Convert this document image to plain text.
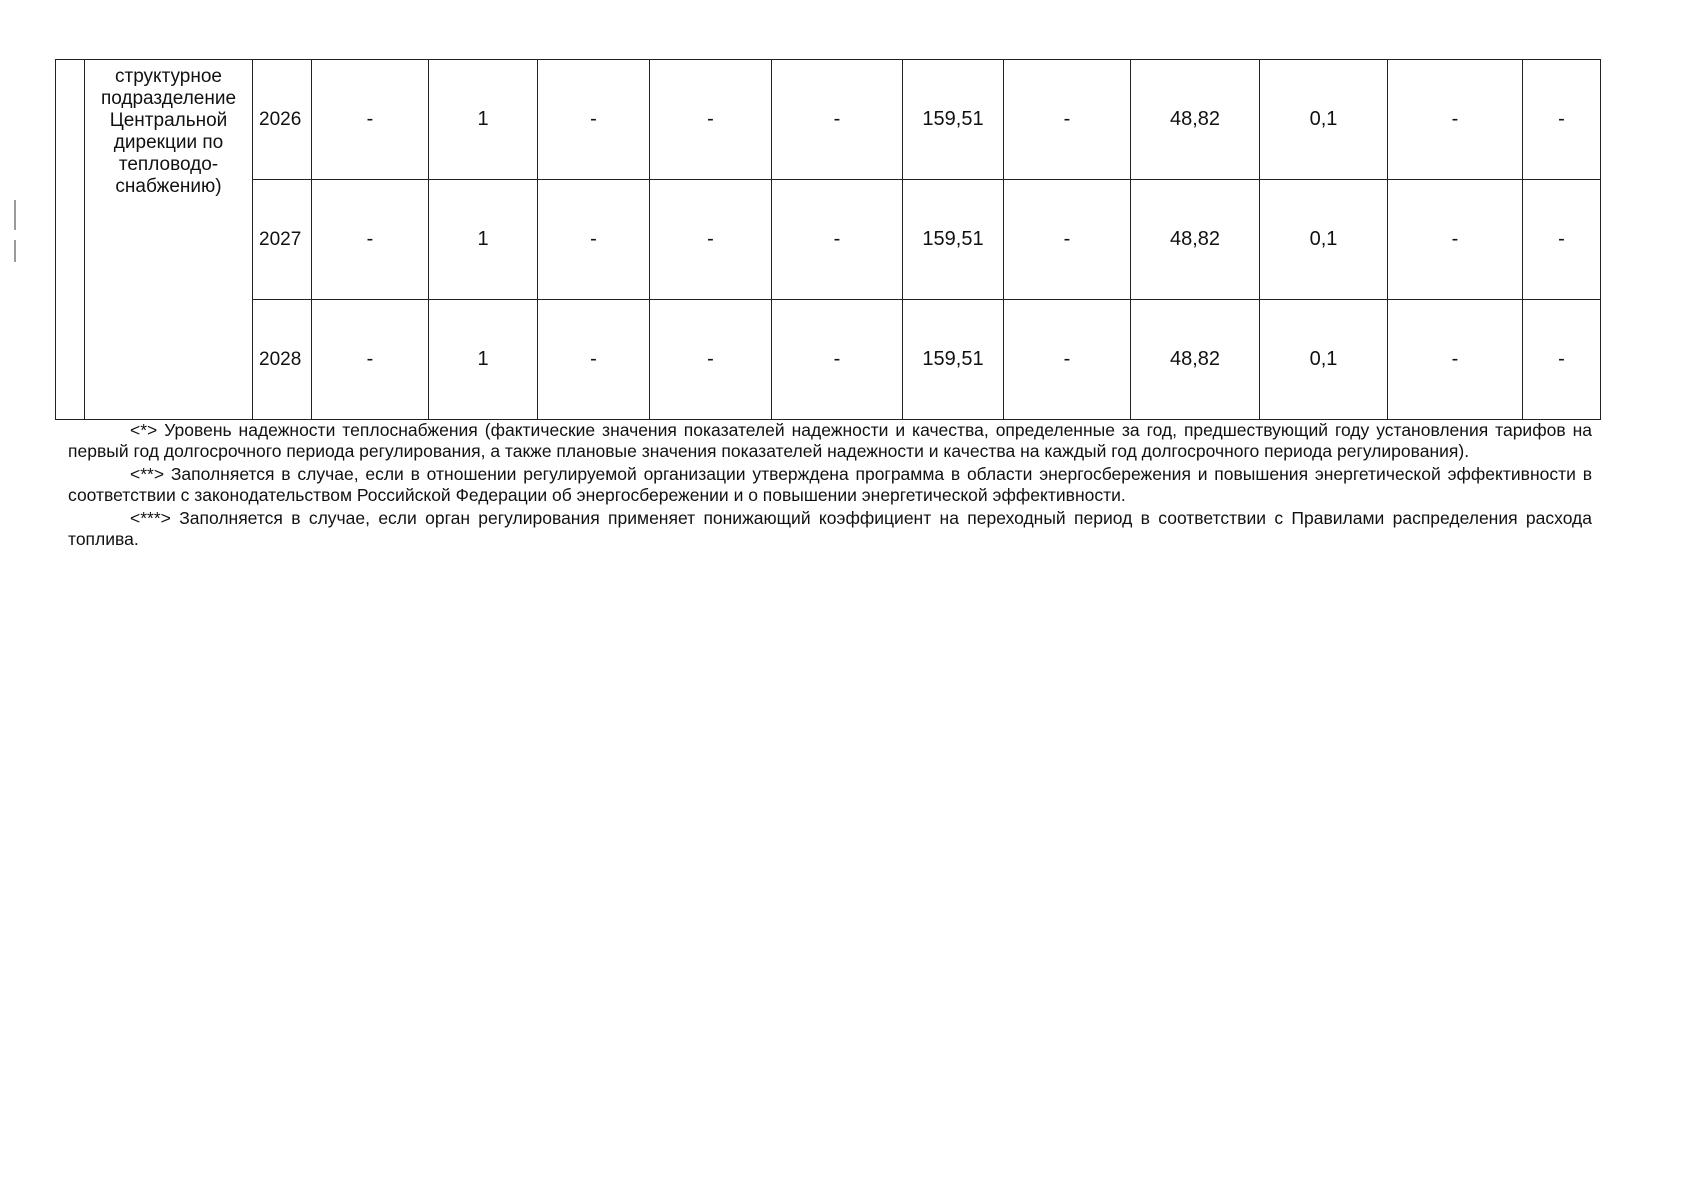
	структурное подразделение Центральной дирекции по тепловодо-снабжению)	2026	-	1	-	-	-	159,51	-	48,82	0,1	-	-
		2027	-	1	-	-	-	159,51	-	48,82	0,1	-	-
		2028	-	1	-	-	-	159,51	-	48,82	0,1	-	-

<*> Уровень надежности теплоснабжения (фактические значения показателей надежности и качества, определенные за год, предшествующий году установления тарифов на первый год долгосрочного периода регулирования, а также плановые значения показателей надежности и качества на каждый год долгосрочного периода регулирования).

<**> Заполняется в случае, если в отношении регулируемой организации утверждена программа в области энергосбережения и повышения энергетической эффективности в соответствии с законодательством Российской Федерации об энергосбережении и о повышении энергетической эффективности.

<***> Заполняется в случае, если орган регулирования применяет понижающий коэффициент на переходный период в соответствии с Правилами распределения расхода топлива.
